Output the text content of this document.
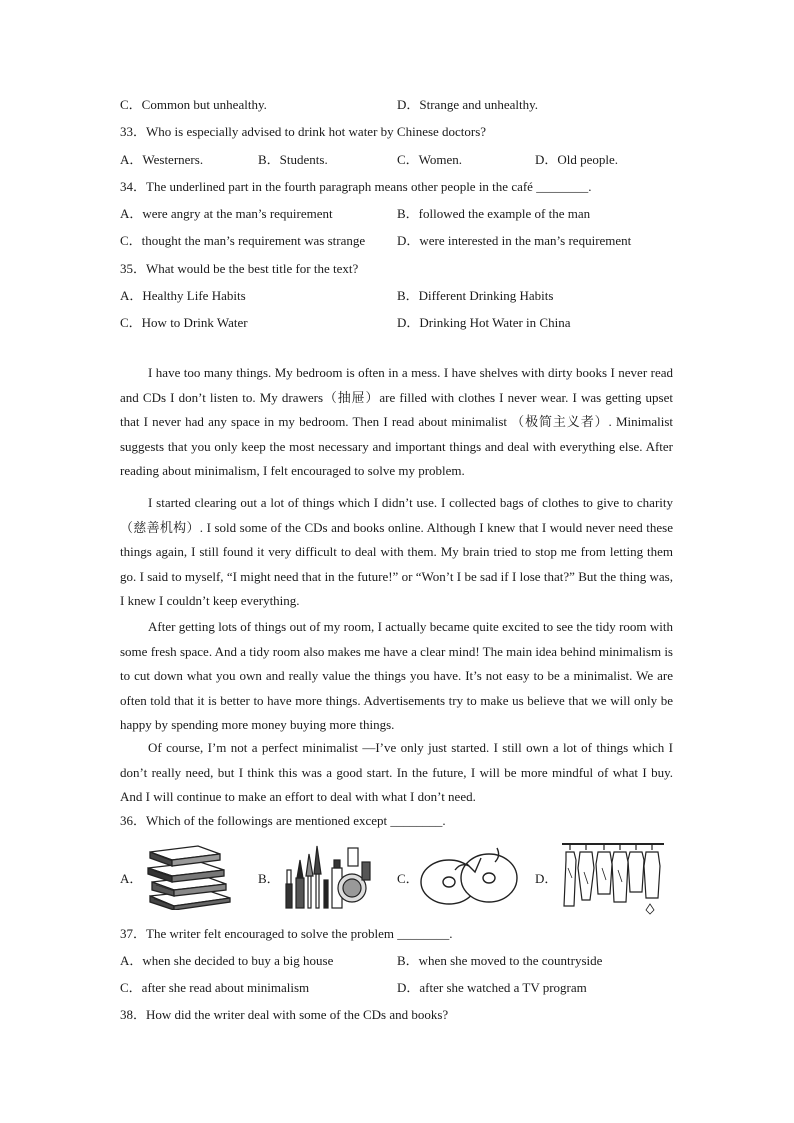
C．Common but unhealthy.	D．Strange and unhealthy.
33．Who is especially advised to drink hot water by Chinese doctors?
A．Westerners.	B．Students.	C．Women.	D．Old people.
34．The underlined part in the fourth paragraph means other people in the café ________.
A．were angry at the man’s requirement	B．followed the example of the man
C．thought the man’s requirement was strange D．were interested in the man’s requirement
35．What would be the best title for the text?
A．Healthy Life Habits	B．Different Drinking Habits
C．How to Drink Water	D．Drinking Hot Water in China

I have too many things. My bedroom is often in a mess. I have shelves with dirty books I never read and CDs I don’t listen to. My drawers（抽屉）are filled with clothes I never wear. I was getting upset that I never had any space in my bedroom. Then I read about minimalist （极简主义者）. Minimalist suggests that you only keep the most necessary and important things and deal with everything else. After reading about minimalism, I felt encouraged to solve my problem.

I started clearing out a lot of things which I didn’t use. I collected bags of clothes to give to charity（慈善机构）. I sold some of the CDs and books online. Although I knew that I would never need these things again, I still found it very difficult to deal with them. My brain tried to stop me from letting them go. I said to myself, “I might need that in the future!” or “Won’t I be sad if I lose that?” But the thing was, I knew I couldn’t keep everything.

After getting lots of things out of my room, I actually became quite excited to see the tidy room with some fresh space. And a tidy room also makes me have a clear mind! The main idea behind minimalism is to cut down what you own and really value the things you have. It’s not easy to be a minimalist. We are often told that it is better to have more things. Advertisements try to make us believe that we will only be happy by spending more money buying more things.

Of course, I’m not a perfect minimalist —I’ve only just started. I still own a lot of things which I don’t really need, but I think this was a good start. In the future, I will be more mindful of what I buy. And I will continue to make an effort to deal with what I don’t need.

36．Which of the followings are mentioned except ________.
A．	B．	C．	D．
37．The writer felt encouraged to solve the problem ________.
A．when she decided to buy a big house	B．when she moved to the countryside
C．after she read about minimalism	D．after she watched a TV program
38．How did the writer deal with some of the CDs and books?
